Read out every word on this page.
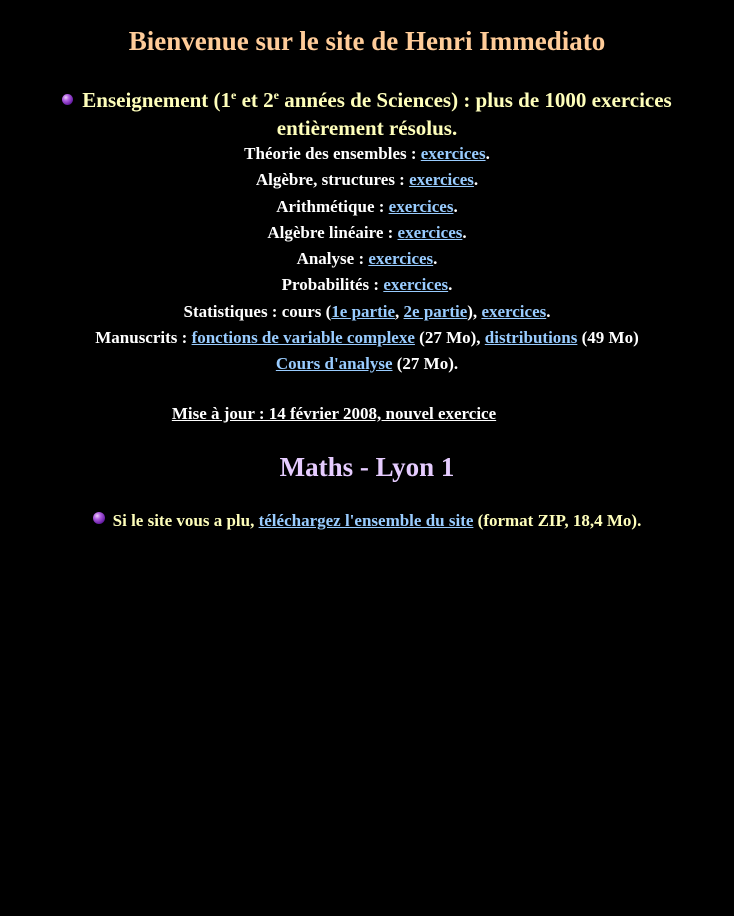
Bienvenue sur le site de Henri Immediato
Enseignement (1e et 2e années de Sciences) : plus de 1000 exercices
entièrement résolus.
Théorie des ensembles : exercices.
Algèbre, structures : exercices.
Arithmétique : exercices.
Algèbre linéaire : exercices.
Analyse : exercices.
Probabilités : exercices.
Statistiques : cours (1e partie, 2e partie), exercices.
Manuscrits : fonctions de variable complexe (27 Mo), distributions (49 Mo)
Cours d'analyse (27 Mo).
Mise à jour : 14 février 2008, nouvel exercice
Maths - Lyon 1
Si le site vous a plu, téléchargez l'ensemble du site (format ZIP, 18,4 Mo).
